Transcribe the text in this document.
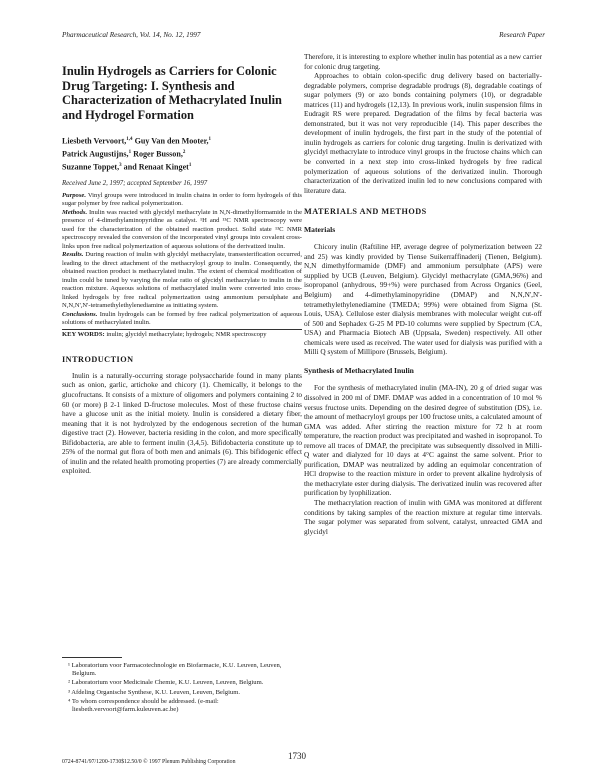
Pharmaceutical Research, Vol. 14, No. 12, 1997	Research Paper
Inulin Hydrogels as Carriers for Colonic Drug Targeting: I. Synthesis and Characterization of Methacrylated Inulin and Hydrogel Formation
Liesbeth Vervoort,$^{1,4}$ Guy Van den Mooter,$^1$
Patrick Augustijns,$^1$ Roger Busson,$^2$
Suzanne Toppet,$^3$ and Renaat Kinget$^1$

Received June 2, 1997; accepted September 16, 1997

Purpose. Vinyl groups were introduced in inulin chains in order to form hydrogels of this sugar polymer by free radical polymerization.

Methods. Inulin was reacted with glycidyl methacrylate in N,N-dimethylformamide in the presence of 4-dimethylaminopyridine as catalyst. ¹H and ¹³C NMR spectroscopy were used for the characterization of the obtained reaction product. Solid state ¹³C NMR spectroscopy revealed the conversion of the incorporated vinyl groups into covalent cross-links upon free radical polymerization of aqueous solutions of the derivatized inulin.

Results. During reaction of inulin with glycidyl methacrylate, transesterification occurred, leading to the direct attachment of the methacryloyl group to inulin. Consequently, the obtained reaction product is methacrylated inulin. The extent of chemical modification of inulin could be tuned by varying the molar ratio of glycidyl methacrylate to inulin in the reaction mixture. Aqueous solutions of methacrylated inulin were converted into cross-linked hydrogels by free radical polymerization using ammonium persulphate and N,N,N',N'-tetramethylethylenediamine as initiating system.

Conclusions. Inulin hydrogels can be formed by free radical polymerization of aqueous solutions of methacrylated inulin.

KEY WORDS: inulin; glycidyl methacrylate; hydrogels; NMR spectroscopy
INTRODUCTION

Inulin is a naturally-occurring storage polysaccharide found in many plants such as onion, garlic, artichoke and chicory (1). Chemically, it belongs to the glucofructans. It consists of a mixture of oligomers and polymers containing 2 to 60 (or more) β 2-1 linked D-fructose molecules. Most of these fructose chains have a glucose unit as the initial moiety. Inulin is considered a dietary fiber, meaning that it is not hydrolyzed by the endogenous secretion of the human digestive tract (2). However, bacteria residing in the colon, and more specifically Bifidobacteria, are able to ferment inulin (3,4,5). Bifidobacteria constitute up to 25% of the normal gut flora of both men and animals (6). This bifidogenic effect of inulin and the related health promoting properties (7) are already commercially exploited.

¹ Laboratorium voor Farmacotechnologie en Biofarmacie, K.U. Leuven, Leuven, Belgium.
² Laboratorium voor Medicinale Chemie, K.U. Leuven, Leuven, Belgium.
³ Afdeling Organische Synthese, K.U. Leuven, Leuven, Belgium.
⁴ To whom correspondence should be addressed. (e-mail: liesbeth.vervoort@farm.kuleuven.ac.be)
0724-8741/97/1200-1730$12.50/0 © 1997 Plenum Publishing Corporation
1730

Therefore, it is interesting to explore whether inulin has potential as a new carrier for colonic drug targeting.

Approaches to obtain colon-specific drug delivery based on bacterially-degradable polymers, comprise degradable prodrugs (8), degradable coatings of sugar polymers (9) or azo bonds containing polymers (10), or degradable matrices (11) and hydrogels (12,13). In previous work, inulin suspension films in Eudragit RS were prepared. Degradation of the films by fecal bacteria was demonstrated, but it was not very reproducible (14). This paper describes the development of inulin hydrogels, the first part in the study of the potential of inulin hydrogels as carriers for colonic drug targeting. Inulin is derivatized with glycidyl methacrylate to introduce vinyl groups in the fructose chains which can be converted in a next step into cross-linked hydrogels by free radical polymerization of aqueous solutions of the derivatized inulin. Thorough characterization of the derivatized inulin led to new conclusions compared with literature data.

MATERIALS AND METHODS
Materials

Chicory inulin (Raftiline HP, average degree of polymerization between 22 and 25) was kindly provided by Tiense Suikerraffinaderij (Tienen, Belgium). N,N dimethylformamide (DMF) and ammonium persulphate (APS) were supplied by UCB (Leuven, Belgium). Glycidyl methacrylate (GMA,96%) and isopropanol (anhydrous, 99+%) were purchased from Across Organics (Geel, Belgium) and 4-dimethylaminopyridine (DMAP) and N,N,N',N'-tetramethylethylenediamine (TMEDA; 99%) were obtained from Sigma (St. Louis, USA). Cellulose ester dialysis membranes with molecular weight cut-off of 500 and Sephadex G-25 M PD-10 columns were supplied by Spectrum (CA, USA) and Pharmacia Biotech AB (Uppsala, Sweden) respectively. All other chemicals were used as received. The water used for dialysis was purified with a Milli Q system of Millipore (Brussels, Belgium).

Synthesis of Methacrylated Inulin

For the synthesis of methacrylated inulin (MA-IN), 20 g of dried sugar was dissolved in 200 ml of DMF. DMAP was added in a concentration of 10 mol % versus fructose units. Depending on the desired degree of substitution (DS), i.e. the amount of methacryloyl groups per 100 fructose units, a calculated amount of GMA was added. After stirring the reaction mixture for 72 h at room temperature, the reaction product was precipitated and washed in isopropanol. To remove all traces of DMAP, the precipitate was subsequently dissolved in Milli-Q water and dialyzed for 10 days at 4°C against the same solvent. Prior to purification, DMAP was neutralized by adding an equimolar concentration of HCl dropwise to the reaction mixture in order to prevent alkaline hydrolysis of the methacrylate ester during dialysis. The derivatized inulin was recovered after purification by lyophilization.

The methacrylation reaction of inulin with GMA was monitored at different conditions by taking samples of the reaction mixture at regular time intervals. The sugar polymer was separated from solvent, catalyst, unreacted GMA and glycidyl
